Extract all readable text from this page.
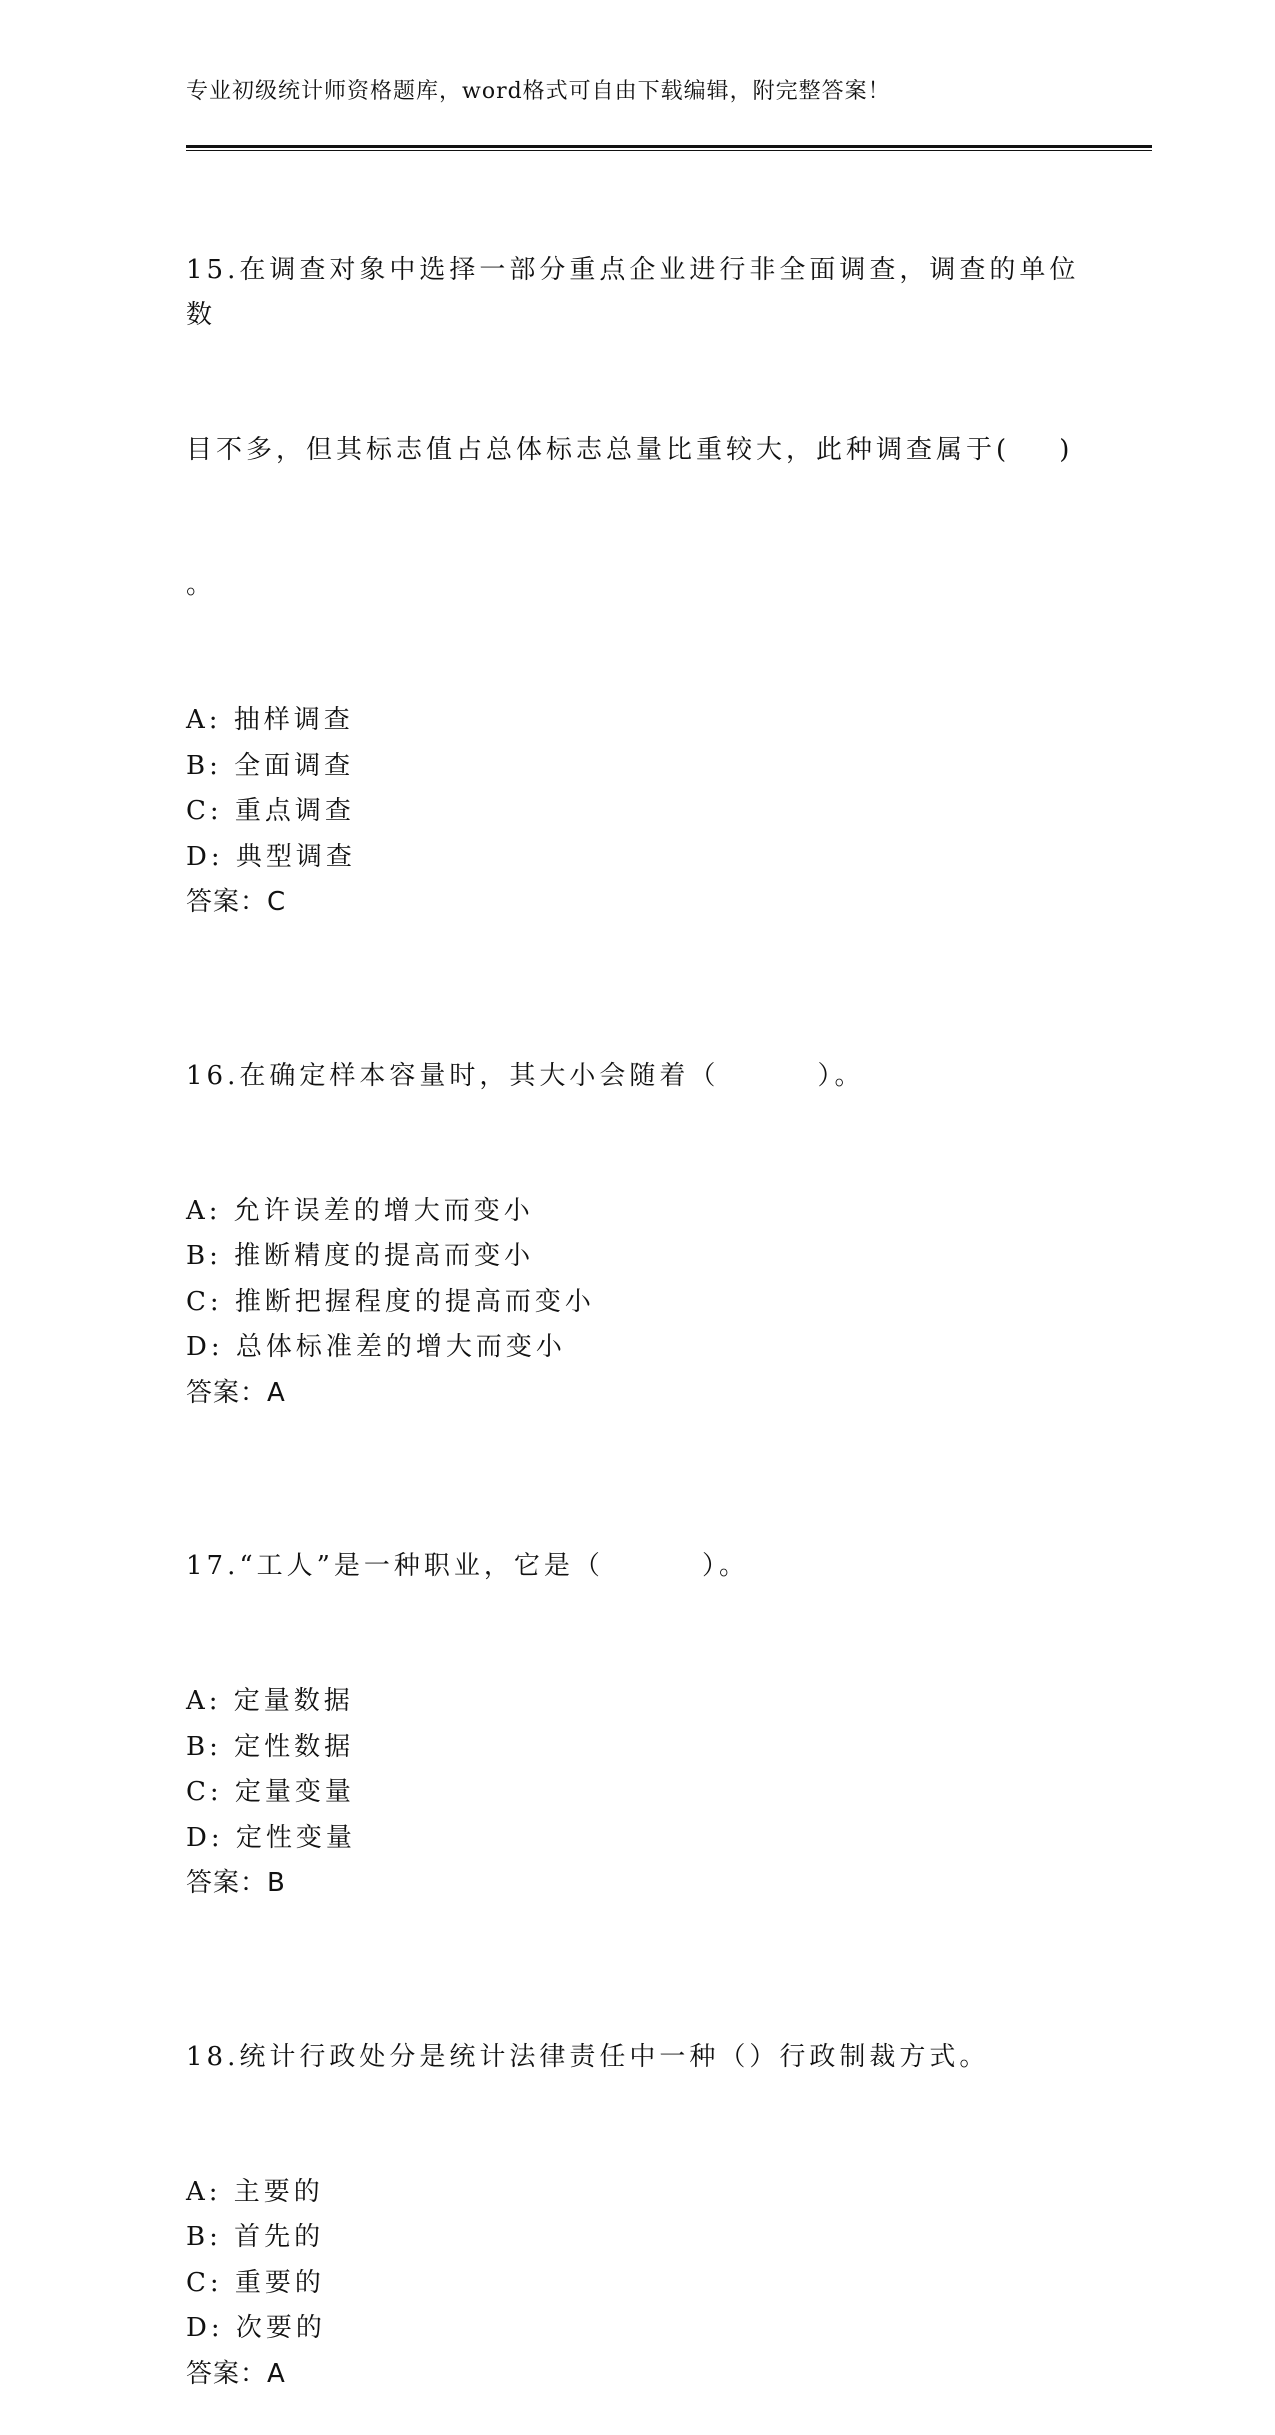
专业初级统计师资格题库，word格式可自由下载编辑，附完整答案！

15.在调查对象中选择一部分重点企业进行非全面调查，调查的单位数

目不多，但其标志值占总体标志总量比重较大，此种调查属于(    )

。

A: 抽样调查
B: 全面调查
C: 重点调查
D: 典型调查
答案：C

16.在确定样本容量时，其大小会随着（        ）。

A: 允许误差的增大而变小
B: 推断精度的提高而变小
C: 推断把握程度的提高而变小
D: 总体标准差的增大而变小
答案：A

17.“工人”是一种职业，它是（        ）。

A: 定量数据
B: 定性数据
C: 定量变量
D: 定性变量
答案：B

18.统计行政处分是统计法律责任中一种（）行政制裁方式。

A: 主要的
B: 首先的
C: 重要的
D: 次要的
答案：A
